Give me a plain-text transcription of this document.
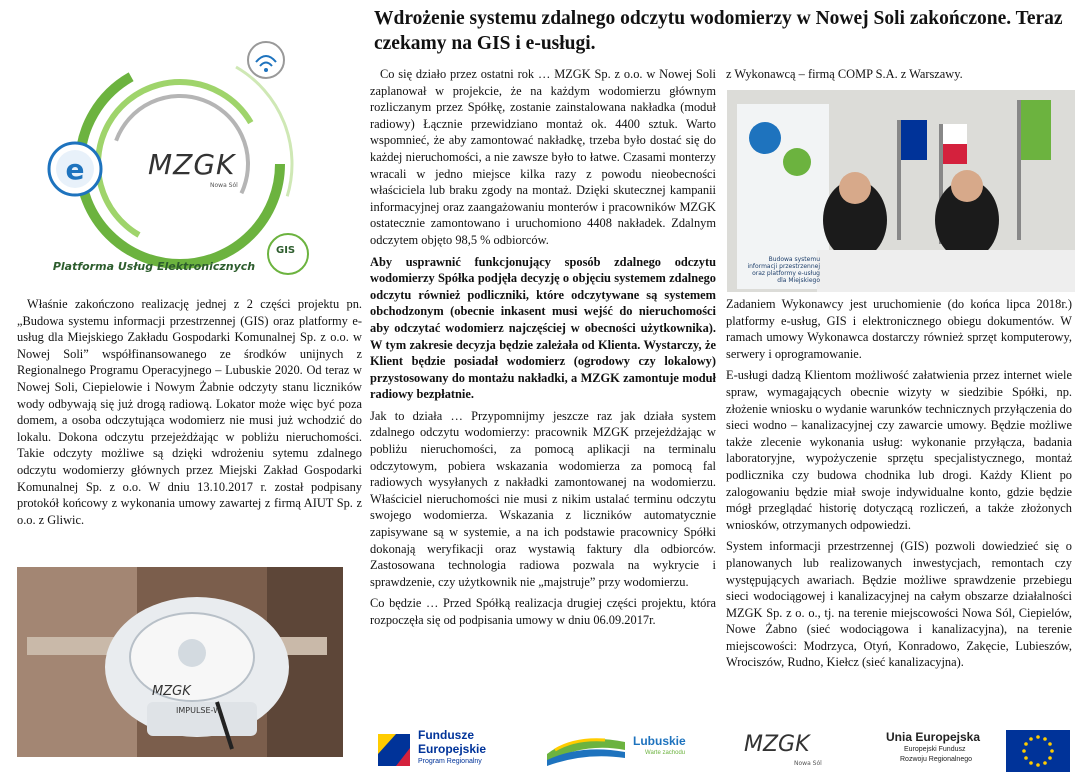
e	MZGK
Nowa Sól
GIS
Platforma Usług Elektronicznych
Wdrożenie systemu zdalnego odczytu wodomierzy w Nowej Soli zakończone. Teraz czekamy na GIS i e-usługi.

Właśnie zakończono realizację jednej z 2 części projektu pn. „Budowa systemu informacji przestrzennej (GIS) oraz platformy e-usług dla Miejskiego Zakładu Gospodarki Komunalnej Sp. z o.o. w Nowej Soli” współfinansowanego ze środków unijnych z Regionalnego Programu Operacyjnego – Lubuskie 2020. Od teraz w Nowej Soli, Ciepielowie i Nowym Żabnie odczyty stanu liczników wody odbywają się już drogą radiową. Lokator może więc być poza domem, a osoba odczytująca wodomierz nie musi już wchodzić do lokalu. Dokona odczytu przejeżdżając w pobliżu nieruchomości. Takie odczyty możliwe są dzięki wdrożeniu sytemu zdalnego odczytu wodomierzy głównych przez Miejski Zakład Gospodarki Komunalnej Sp. z o.o. W dniu 13.10.2017 r. został podpisany protokół końcowy z wykonania umowy zawartej z firmą AIUT Sp. z o.o. z Gliwic.

MZGK
IMPULSE-W

Co się działo przez ostatni rok … MZGK Sp. z o.o. w Nowej Soli zaplanował w projekcie, że na każdym wodomierzu głównym rozliczanym przez Spółkę, zostanie zainstalowana nakładka (moduł radiowy) Łącznie przewidziano montaż ok. 4400 sztuk. Warto wspomnieć, że aby zamontować nakładkę, trzeba było dostać się do każdej nieruchomości, a nie zawsze było to łatwe. Czasami monterzy wracali w jedno miejsce kilka razy z powodu nieobecności właściciela lub braku zgody na montaż. Dzięki skutecznej kampanii informacyjnej oraz zaangażowaniu monterów i pracowników MZGK ostatecznie zamontowano i uruchomiono 4408 nakładek. Zdalnym odczytem objęto 98,5 % odbiorców.

Aby usprawnić funkcjonujący sposób zdalnego odczytu wodomierzy Spółka podjęła decyzję o objęciu systemem zdalnego odczytu również podliczniki, które odczytywane są systemem obchodzonym (obecnie inkasent musi wejść do nieruchomości aby odczytać wodomierz najczęściej w obecności użytkownika). W tym zakresie decyzja będzie zależała od Klienta. Wystarczy, że Klient będzie posiadał wodomierz (ogrodowy czy lokalowy) przystosowany do montażu nakładki, a MZGK zamontuje moduł radiowy bezpłatnie.

Jak to działa … Przypomnijmy jeszcze raz jak działa system zdalnego odczytu wodomierzy: pracownik MZGK przejeżdżając w pobliżu nieruchomości, za pomocą aplikacji na terminalu odczytowym, pobiera wskazania wodomierza za pomocą fal radiowych wysyłanych z nakładki zamontowanej na wodomierzu. Właściciel nieruchomości nie musi z nikim ustalać terminu odczytu swojego wodomierza. Wskazania z liczników automatycznie zapisywane są w systemie, a na ich podstawie pracownicy Spółki dokonają weryfikacji oraz wystawią faktury dla odbiorców. Zastosowana technologia radiowa pozwala na wykrycie i sprawdzenie, czy użytkownik nie „majstruje” przy wodomierzu.

Co będzie … Przed Spółką realizacja drugiej części projektu, która rozpoczęła się od podpisania umowy w dniu 06.09.2017r.

z Wykonawcą – firmą COMP S.A. z Warszawy.

Budowa systemu
informacji przestrzennej
oraz platformy e-usług
dla Miejskiego

Zadaniem Wykonawcy jest uruchomienie (do końca lipca 2018r.) platformy e-usług, GIS i elektronicznego obiegu dokumentów. W ramach umowy Wykonawca dostarczy również sprzęt komputerowy, serwery i oprogramowanie.

E-usługi dadzą Klientom możliwość załatwienia przez internet wiele spraw, wymagających obecnie wizyty w siedzibie Spółki, np. złożenie wniosku o wydanie warunków technicznych przyłączenia do sieci wodno – kanalizacyjnej czy zawarcie umowy. Będzie możliwe także zlecenie wykonania usług: wykonanie przyłącza, badania laboratoryjne, wypożyczenie sprzętu specjalistycznego, montaż podlicznika czy budowa chodnika lub drogi. Każdy Klient po zalogowaniu będzie miał swoje indywidualne konto, gdzie będzie mógł przeglądać historię dotyczącą rozliczeń, a także złożonych wniosków, otrzymanych odpowiedzi.

System informacji przestrzennej (GIS) pozwoli dowiedzieć się o planowanych lub realizowanych inwestycjach, remontach czy występujących awariach. Będzie możliwe sprawdzenie przebiegu sieci wodociągowej i kanalizacyjnej na całym obszarze działalności MZGK Sp. z o. o., tj. na terenie miejscowości Nowa Sól, Ciepielów, Nowe Żabno (sieć wodociągowa i kanalizacyjna), na terenie miejscowości: Modrzyca, Otyń, Konradowo, Zakęcie, Lubieszów, Wrociszów, Rudno, Kiełcz (sieć kanalizacyjna).

Fundusze
Europejskie
Program Regionalny
Lubuskie
Warte zachodu	MZGK
Nowa Sól
Unia Europejska
Europejski Fundusz
Rozwoju Regionalnego
